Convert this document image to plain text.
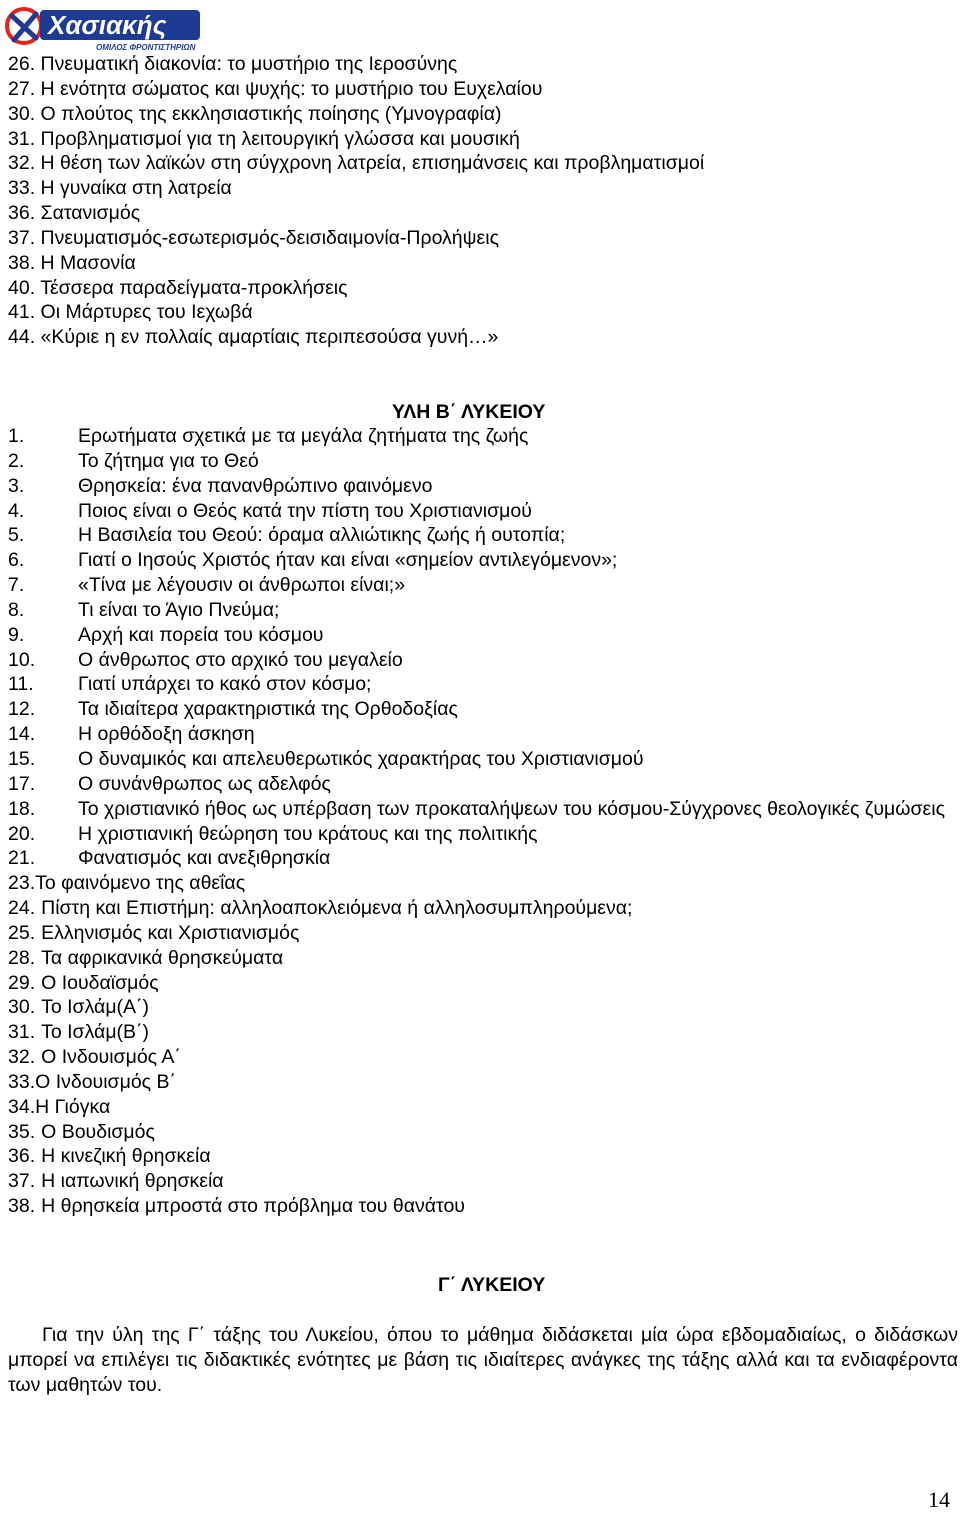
Χασιακής
ΟΜΙΛΟΣ ΦΡΟΝΤΙΣΤΗΡΙΩΝ
26. Πνευματική διακονία: το μυστήριο της Ιεροσύνης
27. Η ενότητα σώματος και ψυχής: το μυστήριο του Ευχελαίου
30. Ο πλούτος της εκκλησιαστικής ποίησης (Υμνογραφία)
31. Προβληματισμοί για τη λειτουργική γλώσσα και μουσική
32. Η θέση των λαϊκών στη σύγχρονη λατρεία, επισημάνσεις και προβληματισμοί
33. Η γυναίκα στη λατρεία
36. Σατανισμός
37. Πνευματισμός-εσωτερισμός-δεισιδαιμονία-Προλήψεις
38. Η Μασονία
40. Τέσσερα παραδείγματα-προκλήσεις
41. Οι Μάρτυρες του Ιεχωβά
44. «Κύριε η εν πολλαίς αμαρτίαις περιπεσούσα γυνή…»
ΥΛΗ Β΄ ΛΥΚΕΙΟΥ
1.	Ερωτήματα σχετικά με τα μεγάλα ζητήματα της ζωής
2.	Το ζήτημα για το Θεό
3.	Θρησκεία: ένα πανανθρώπινο φαινόμενο
4.	Ποιος είναι ο Θεός κατά την πίστη του Χριστιανισμού
5.	Η Βασιλεία του Θεού: όραμα αλλιώτικης ζωής ή ουτοπία;
6.	Γιατί ο Ιησούς Χριστός ήταν και είναι «σημείον αντιλεγόμενον»;
7.	«Τίνα με λέγουσιν οι άνθρωποι είναι;»
8.	Τι είναι το Άγιο Πνεύμα;
9.	Αρχή και πορεία του κόσμου
10. Ο άνθρωπος στο αρχικό του μεγαλείο
11. Γιατί υπάρχει το κακό στον κόσμο;
12. Τα ιδιαίτερα χαρακτηριστικά της Ορθοδοξίας
14. Η ορθόδοξη άσκηση
15. Ο δυναμικός και απελευθερωτικός χαρακτήρας του Χριστιανισμού
17. Ο συνάνθρωπος ως αδελφός
18. Το χριστιανικό ήθος ως υπέρβαση των προκαταλήψεων του κόσμου-Σύγχρονες θεολογικές ζυμώσεις
20. Η χριστιανική θεώρηση του κράτους και της πολιτικής
21. Φανατισμός και ανεξιθρησκία
23.Το φαινόμενο της αθεΐας
24. Πίστη και Επιστήμη: αλληλοαποκλειόμενα ή αλληλοσυμπληρούμενα;
25. Ελληνισμός και Χριστιανισμός
28. Τα αφρικανικά θρησκεύματα
29. Ο Ιουδαϊσμός
30. Το Ισλάμ(Α΄)
31. Το Ισλάμ(Β΄)
32. Ο Ινδουισμός Α΄
33.Ο Ινδουισμός Β΄
34.Η Γιόγκα
35. Ο Βουδισμός
36. Η κινεζική θρησκεία
37. Η ιαπωνική θρησκεία
38. Η θρησκεία μπροστά στο πρόβλημα του θανάτου
Γ΄ ΛΥΚΕΙΟΥ

Για την ύλη της Γ΄ τάξης του Λυκείου, όπου το μάθημα διδάσκεται μία ώρα εβδομαδιαίως, ο διδάσκων μπορεί να επιλέγει τις διδακτικές ενότητες με βάση τις ιδιαίτερες ανάγκες της τάξης αλλά και τα ενδιαφέροντα των μαθητών του.

14
